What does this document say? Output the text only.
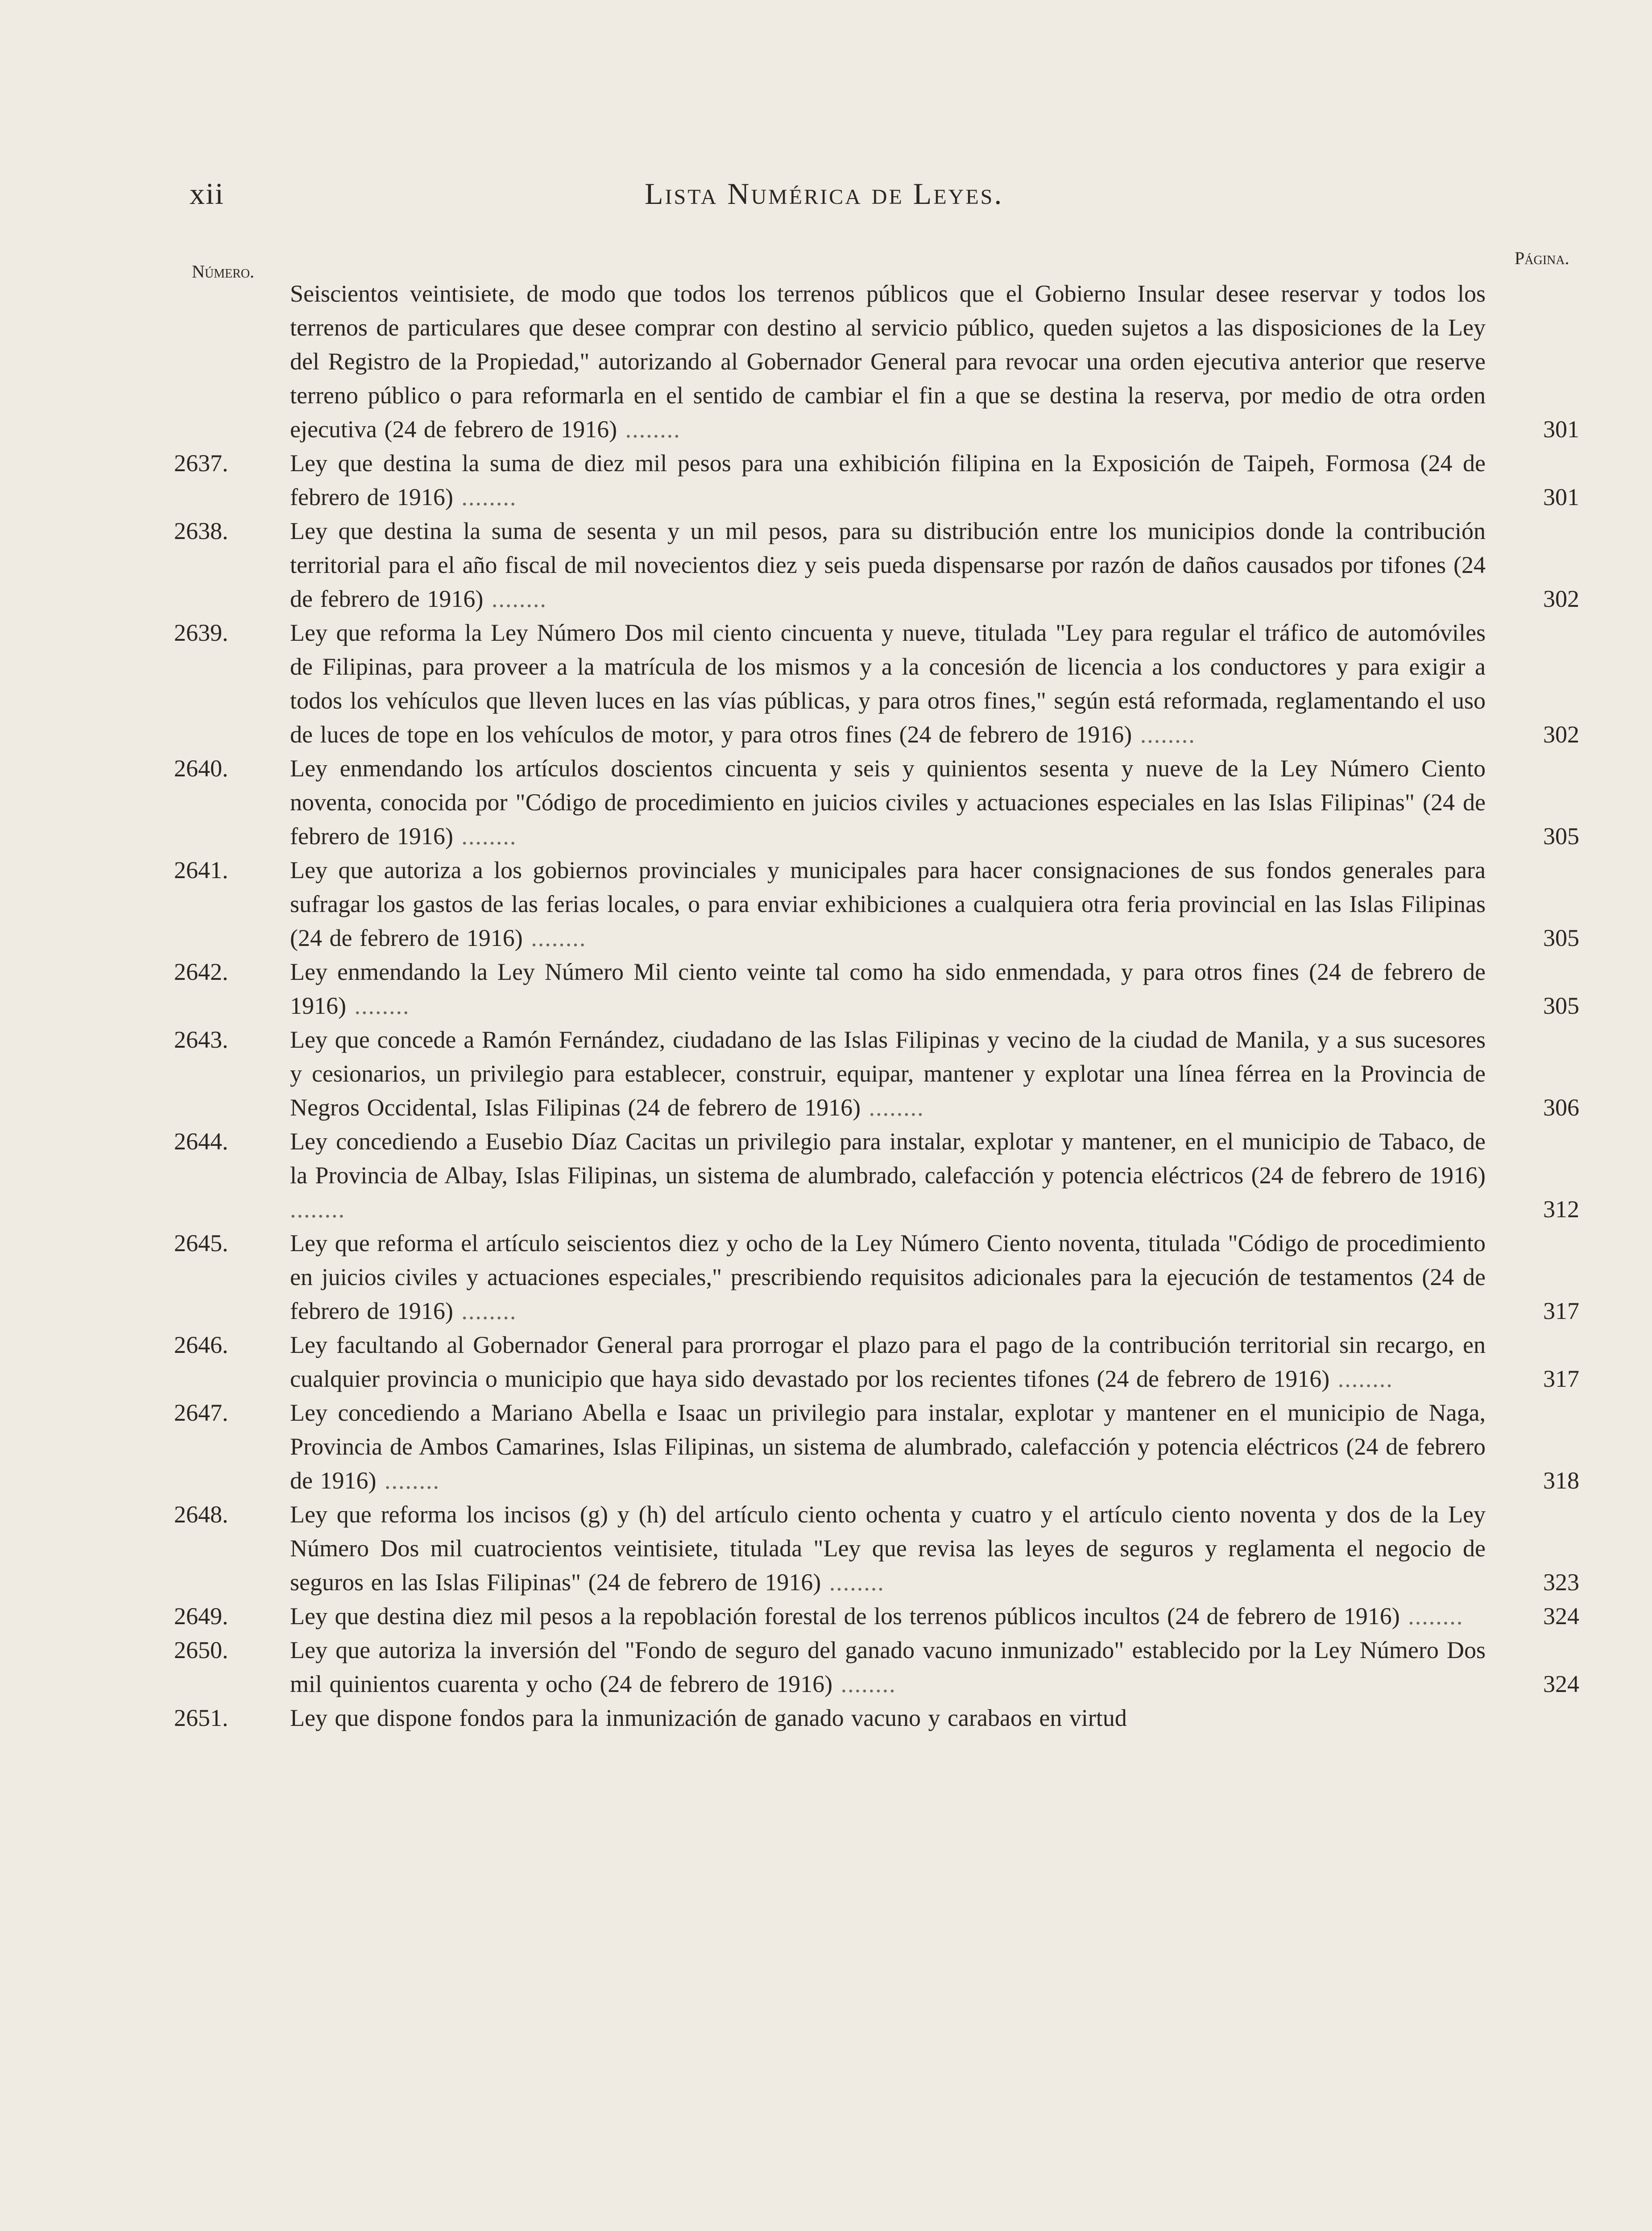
xii	Lista Numérica de Leyes.
Número.
Página.
Seiscientos veintisiete, de modo que todos los terrenos públicos que el Gobierno Insular desee reservar y todos los terrenos de particulares que desee comprar con destino al servicio público, queden sujetos a las disposiciones de la Ley del Registro de la Propiedad," autorizando al Gobernador General para revocar una orden ejecutiva anterior que reserve terreno público o para reformarla en el sentido de cambiar el fin a que se destina la reserva, por medio de otra orden ejecutiva (24 de febrero de 1916) ........	301
2637.	Ley que destina la suma de diez mil pesos para una exhibición filipina en la Exposición de Taipeh, Formosa (24 de febrero de 1916) ........	301
2638.	Ley que destina la suma de sesenta y un mil pesos, para su distribución entre los municipios donde la contribución territorial para el año fiscal de mil novecientos diez y seis pueda dispensarse por razón de daños causados por tifones (24 de febrero de 1916) ........	302
2639.	Ley que reforma la Ley Número Dos mil ciento cincuenta y nueve, titulada "Ley para regular el tráfico de automóviles de Filipinas, para proveer a la matrícula de los mismos y a la concesión de licencia a los conductores y para exigir a todos los vehículos que lleven luces en las vías públicas, y para otros fines," según está reformada, reglamentando el uso de luces de tope en los vehículos de motor, y para otros fines (24 de febrero de 1916) ........	302
2640.	Ley enmendando los artículos doscientos cincuenta y seis y quinientos sesenta y nueve de la Ley Número Ciento noventa, conocida por "Código de procedimiento en juicios civiles y actuaciones especiales en las Islas Filipinas" (24 de febrero de 1916) ........	305
2641.	Ley que autoriza a los gobiernos provinciales y municipales para hacer consignaciones de sus fondos generales para sufragar los gastos de las ferias locales, o para enviar exhibiciones a cualquiera otra feria provincial en las Islas Filipinas (24 de febrero de 1916) ........	305
2642.	Ley enmendando la Ley Número Mil ciento veinte tal como ha sido enmendada, y para otros fines (24 de febrero de 1916) ........	305
2643.	Ley que concede a Ramón Fernández, ciudadano de las Islas Filipinas y vecino de la ciudad de Manila, y a sus sucesores y cesionarios, un privilegio para establecer, construir, equipar, mantener y explotar una línea férrea en la Provincia de Negros Occidental, Islas Filipinas (24 de febrero de 1916) ........	306
2644.	Ley concediendo a Eusebio Díaz Cacitas un privilegio para instalar, explotar y mantener, en el municipio de Tabaco, de la Provincia de Albay, Islas Filipinas, un sistema de alumbrado, calefacción y potencia eléctricos (24 de febrero de 1916) ........	312
2645.	Ley que reforma el artículo seiscientos diez y ocho de la Ley Número Ciento noventa, titulada "Código de procedimiento en juicios civiles y actuaciones especiales," prescribiendo requisitos adicionales para la ejecución de testamentos (24 de febrero de 1916) ........	317
2646.	Ley facultando al Gobernador General para prorrogar el plazo para el pago de la contribución territorial sin recargo, en cualquier provincia o municipio que haya sido devastado por los recientes tifones (24 de febrero de 1916) ........	317
2647.	Ley concediendo a Mariano Abella e Isaac un privilegio para instalar, explotar y mantener en el municipio de Naga, Provincia de Ambos Camarines, Islas Filipinas, un sistema de alumbrado, calefacción y potencia eléctricos (24 de febrero de 1916) ........	318
2648.	Ley que reforma los incisos (g) y (h) del artículo ciento ochenta y cuatro y el artículo ciento noventa y dos de la Ley Número Dos mil cuatrocientos veintisiete, titulada "Ley que revisa las leyes de seguros y reglamenta el negocio de seguros en las Islas Filipinas" (24 de febrero de 1916) ........	323
2649.	Ley que destina diez mil pesos a la repoblación forestal de los terrenos públicos incultos (24 de febrero de 1916) ........	324
2650.	Ley que autoriza la inversión del "Fondo de seguro del ganado vacuno inmunizado" establecido por la Ley Número Dos mil quinientos cuarenta y ocho (24 de febrero de 1916) ........	324
2651.	Ley que dispone fondos para la inmunización de ganado vacuno y carabaos en virtud
